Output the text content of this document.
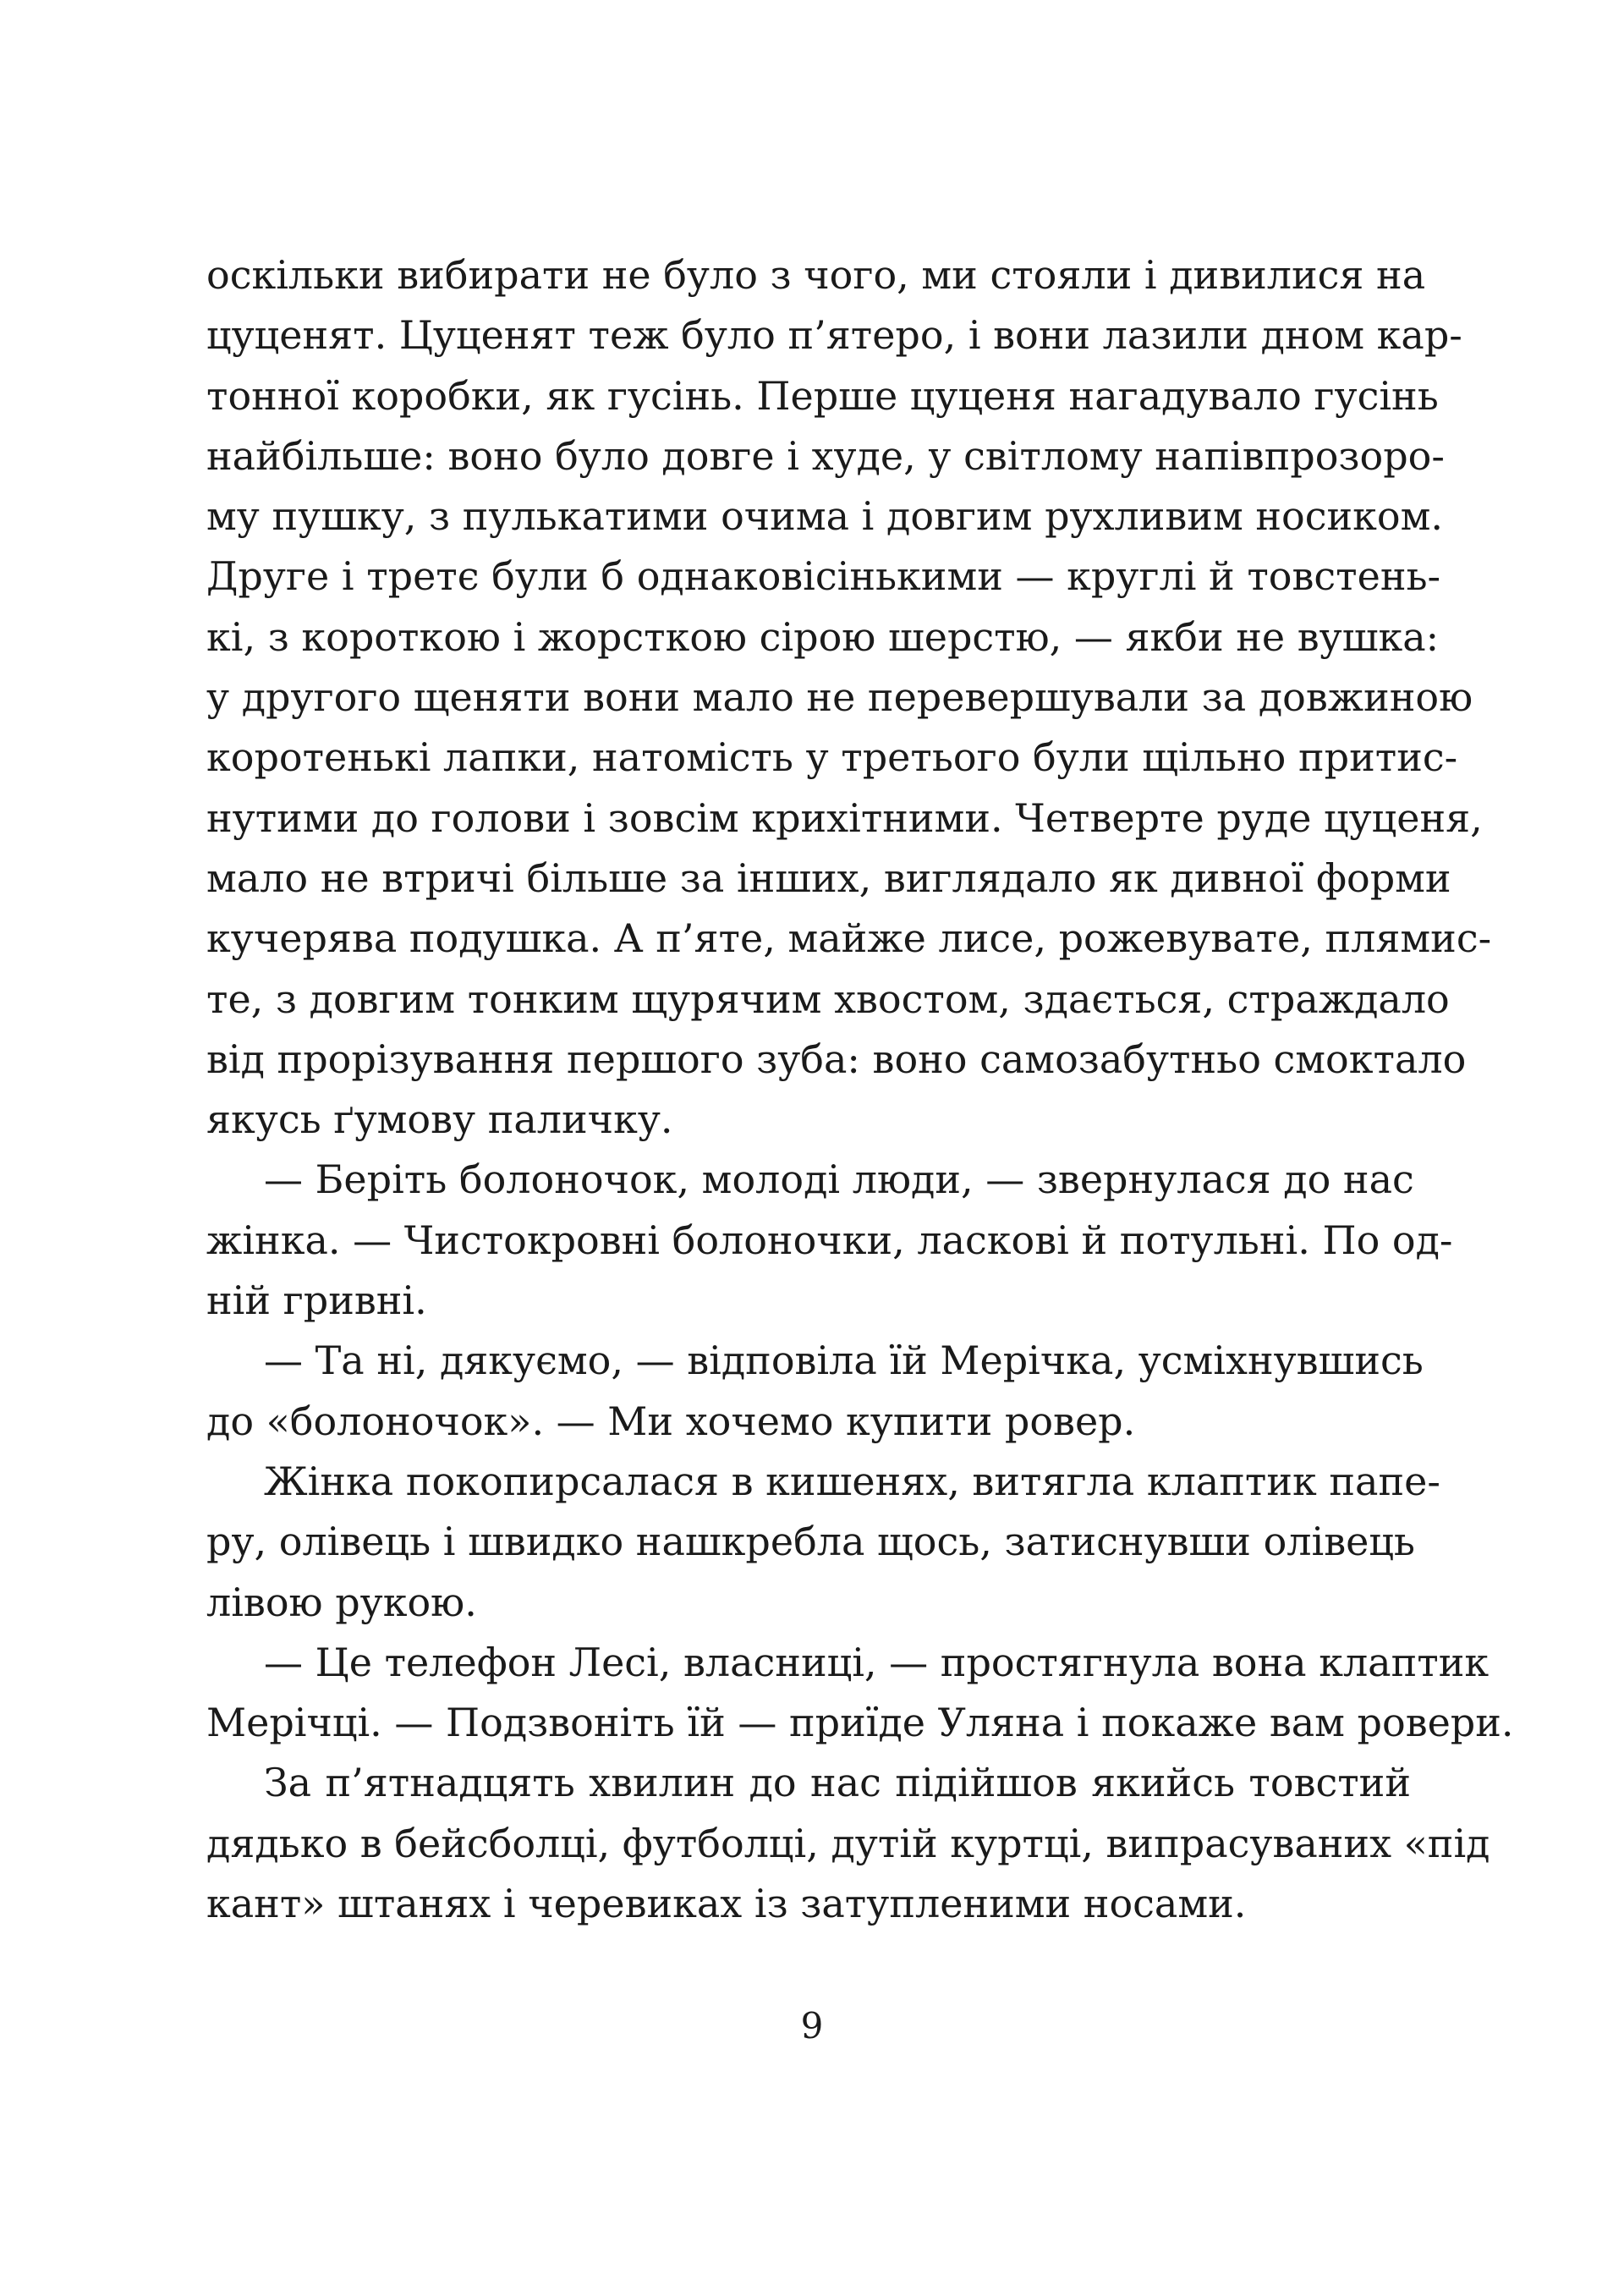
оскільки вибирати не було з чого, ми стояли і дивилися на
цуценят. Цуценят теж було п’ятеро, і вони лазили дном кар-
тонної коробки, як гусінь. Перше цуценя нагадувало гусінь
найбільше: воно було довге і худе, у світлому напівпрозоро-
му пушку, з пулькатими очима і довгим рухливим носиком.
Друге і третє були б однаковісінькими — круглі й товстень-
кі, з короткою і жорсткою сірою шерстю, — якби не вушка:
у другого щеняти вони мало не перевершували за довжиною
коротенькі лапки, натомість у третього були щільно притис-
нутими до голови і зовсім крихітними. Четверте руде цуценя,
мало не втричі більше за інших, виглядало як дивної форми
кучерява подушка. А п’яте, майже лисе, рожевувате, плямис-
те, з довгим тонким щурячим хвостом, здається, страждало
від прорізування першого зуба: воно самозабутньо смоктало
якусь ґумову паличку.
— Беріть болоночок, молоді люди, — звернулася до нас
жінка. — Чистокровні болоночки, ласкові й потульні. По од-
ній гривні.
— Та ні, дякуємо, — відповіла їй Мерічка, усміхнувшись
до «болоночок». — Ми хочемо купити ровер.
Жінка покопирсалася в кишенях, витягла клаптик папе-
ру, олівець і швидко нашкребла щось, затиснувши олівець
лівою рукою.
— Це телефон Лесі, власниці, — простягнула вона клаптик
Мерічці. — Подзвоніть їй — приїде Уляна і покаже вам ровери.
За п’ятнадцять хвилин до нас підійшов якийсь товстий
дядько в бейсболці, футболці, дутій куртці, випрасуваних «під
кант» штанях і черевиках із затупленими носами.
9
